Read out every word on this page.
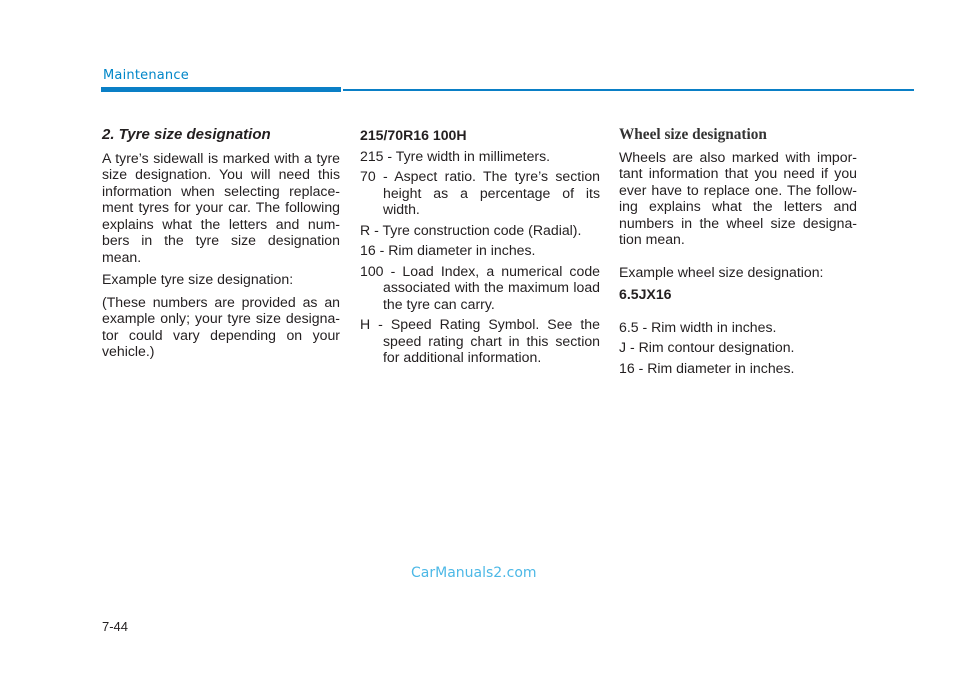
Maintenance
2. Tyre size designation

A tyre’s sidewall is marked with a tyre size designation. You will need this information when selecting replace-ment tyres for your car. The following explains what the letters and num-bers in the tyre size designation mean.

Example tyre size designation:

(These numbers are provided as an example only; your tyre size designa-tor could vary depending on your vehicle.)

215/70R16 100H
215 - Tyre width in millimeters.
70 - Aspect ratio. The tyre’s section height as a percentage of its width.
R - Tyre construction code (Radial).
16 - Rim diameter in inches.
100 - Load Index, a numerical code associated with the maximum load the tyre can carry.
H - Speed Rating Symbol. See the speed rating chart in this section for additional information.
Wheel size designation

Wheels are also marked with impor-tant information that you need if you ever have to replace one. The follow-ing explains what the letters and numbers in the wheel size designa-tion mean.

Example wheel size designation:

6.5JX16
6.5 - Rim width in inches.
J - Rim contour designation.
16 - Rim diameter in inches.
CarManuals2.com
7-44
